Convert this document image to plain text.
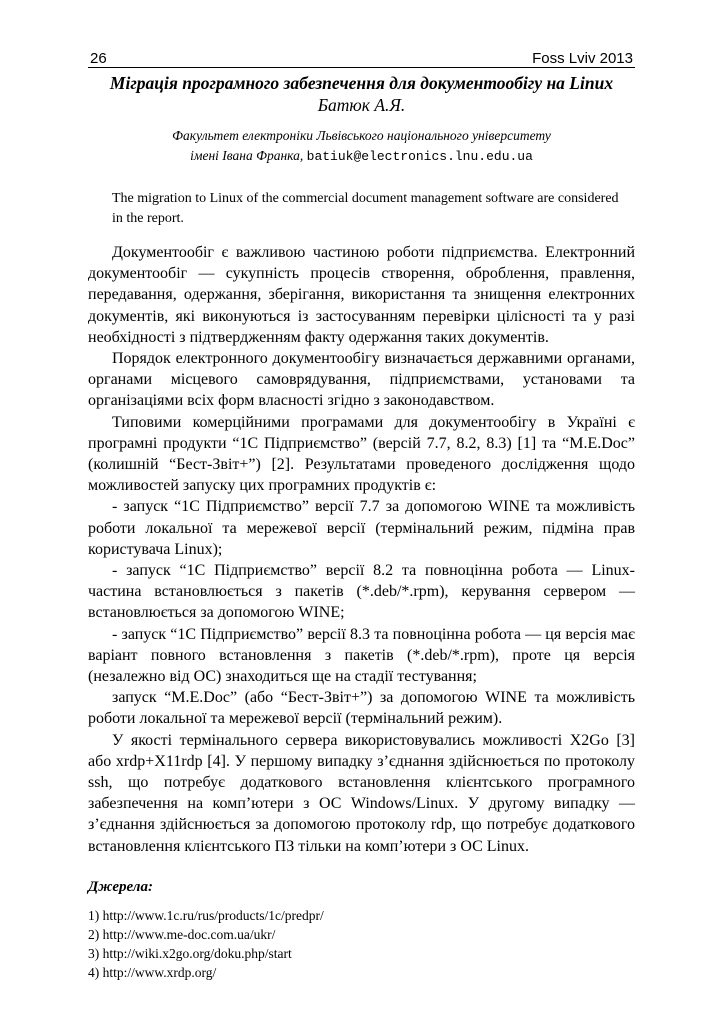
26	Foss Lviv 2013
Міграція програмного забезпечення для документообігу на Linux
Батюк А.Я.
Факультет електроніки Львівського національного університету
імені Івана Франка, batiuk@electronics.lnu.edu.ua
The migration to Linux of the commercial document management software are considered in the report.

Документообіг є важливою частиною роботи підприємства. Електронний документообіг — сукупність процесів створення, оброблення, правлення, передавання, одержання, зберігання, використання та знищення електронних документів, які виконуються із застосуванням перевірки цілісності та у разі необхідності з підтвердженням факту одержання таких документів.

Порядок електронного документообігу визначається державними органами, органами місцевого самоврядування, підприємствами, установами та організаціями всіх форм власності згідно з законодавством.

Типовими комерційними програмами для документообігу в Україні є програмні продукти “1С Підприємство” (версій 7.7, 8.2, 8.3) [1] та “M.E.Doc” (колишній “Бест-Звіт+”) [2]. Результатами проведеного дослідження щодо можливостей запуску цих програмних продуктів є:

- запуск “1С Підприємство” версії 7.7 за допомогою WINE та можливість роботи локальної та мережевої версії (термінальний режим, підміна прав користувача Linux);

- запуск “1С Підприємство” версії 8.2 та повноцінна робота — Linux-частина встановлюється з пакетів (*.deb/*.rpm), керування сервером — встановлюється за допомогою WINE;

- запуск “1С Підприємство” версії 8.3 та повноцінна робота — ця версія має варіант повного встановлення з пакетів (*.deb/*.rpm), проте ця версія (незалежно від ОС) знаходиться ще на стадії тестування;

запуск “M.E.Doc” (або “Бест-Звіт+”) за допомогою WINE та можливість роботи локальної та мережевої версії (термінальний режим).

У якості термінального сервера використовувались можливості X2Go [3] або xrdp+X11rdp [4]. У першому випадку з’єднання здійснюється по протоколу ssh, що потребує додаткового встановлення клієнтського програмного забезпечення на комп’ютери з ОС Windows/Linux. У другому випадку — з’єднання здійснюється за допомогою протоколу rdp, що потребує додаткового встановлення клієнтського ПЗ тільки на комп’ютери з ОС Linux.

Джерела:
1) http://www.1c.ru/rus/products/1c/predpr/
2) http://www.me-doc.com.ua/ukr/
3) http://wiki.x2go.org/doku.php/start
4) http://www.xrdp.org/
